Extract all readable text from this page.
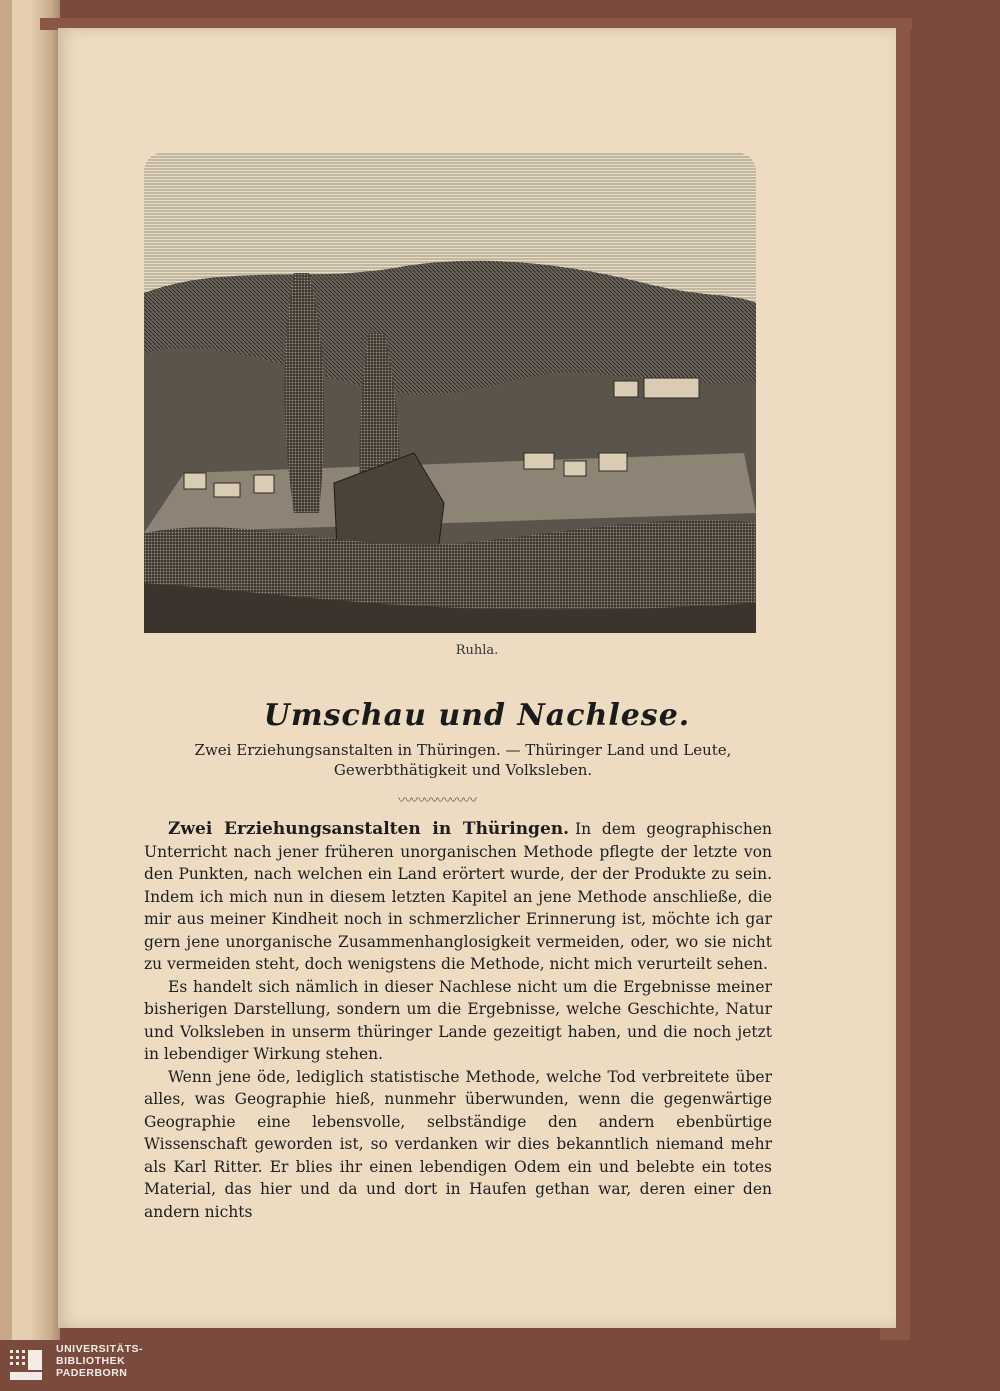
Ruhla.
Umschau und Nachlese.
Zwei Erziehungsanstalten in Thüringen. — Thüringer Land und Leute, Gewerbthätigkeit und Volksleben.
〰〰〰〰〰〰

Zwei Erziehungsanstalten in Thüringen. In dem geographischen Unterricht nach jener früheren unorganischen Methode pflegte der letzte von den Punkten, nach welchen ein Land erörtert wurde, der der Produkte zu sein. Indem ich mich nun in diesem letzten Kapitel an jene Methode anschließe, die mir aus meiner Kindheit noch in schmerzlicher Erinnerung ist, möchte ich gar gern jene unorganische Zusammenhanglosigkeit vermeiden, oder, wo sie nicht zu vermeiden steht, doch wenigstens die Methode, nicht mich verurteilt sehen.

Es handelt sich nämlich in dieser Nachlese nicht um die Ergebnisse meiner bisherigen Darstellung, sondern um die Ergebnisse, welche Geschichte, Natur und Volksleben in unserm thüringer Lande gezeitigt haben, und die noch jetzt in lebendiger Wirkung stehen.

Wenn jene öde, lediglich statistische Methode, welche Tod verbreitete über alles, was Geographie hieß, nunmehr überwunden, wenn die gegenwärtige Geographie eine lebensvolle, selbständige den andern ebenbürtige Wissenschaft geworden ist, so verdanken wir dies bekanntlich niemand mehr als Karl Ritter. Er blies ihr einen lebendigen Odem ein und belebte ein totes Material, das hier und da und dort in Haufen gethan war, deren einer den andern nichts

UNIVERSITÄTS-
BIBLIOTHEK
PADERBORN
